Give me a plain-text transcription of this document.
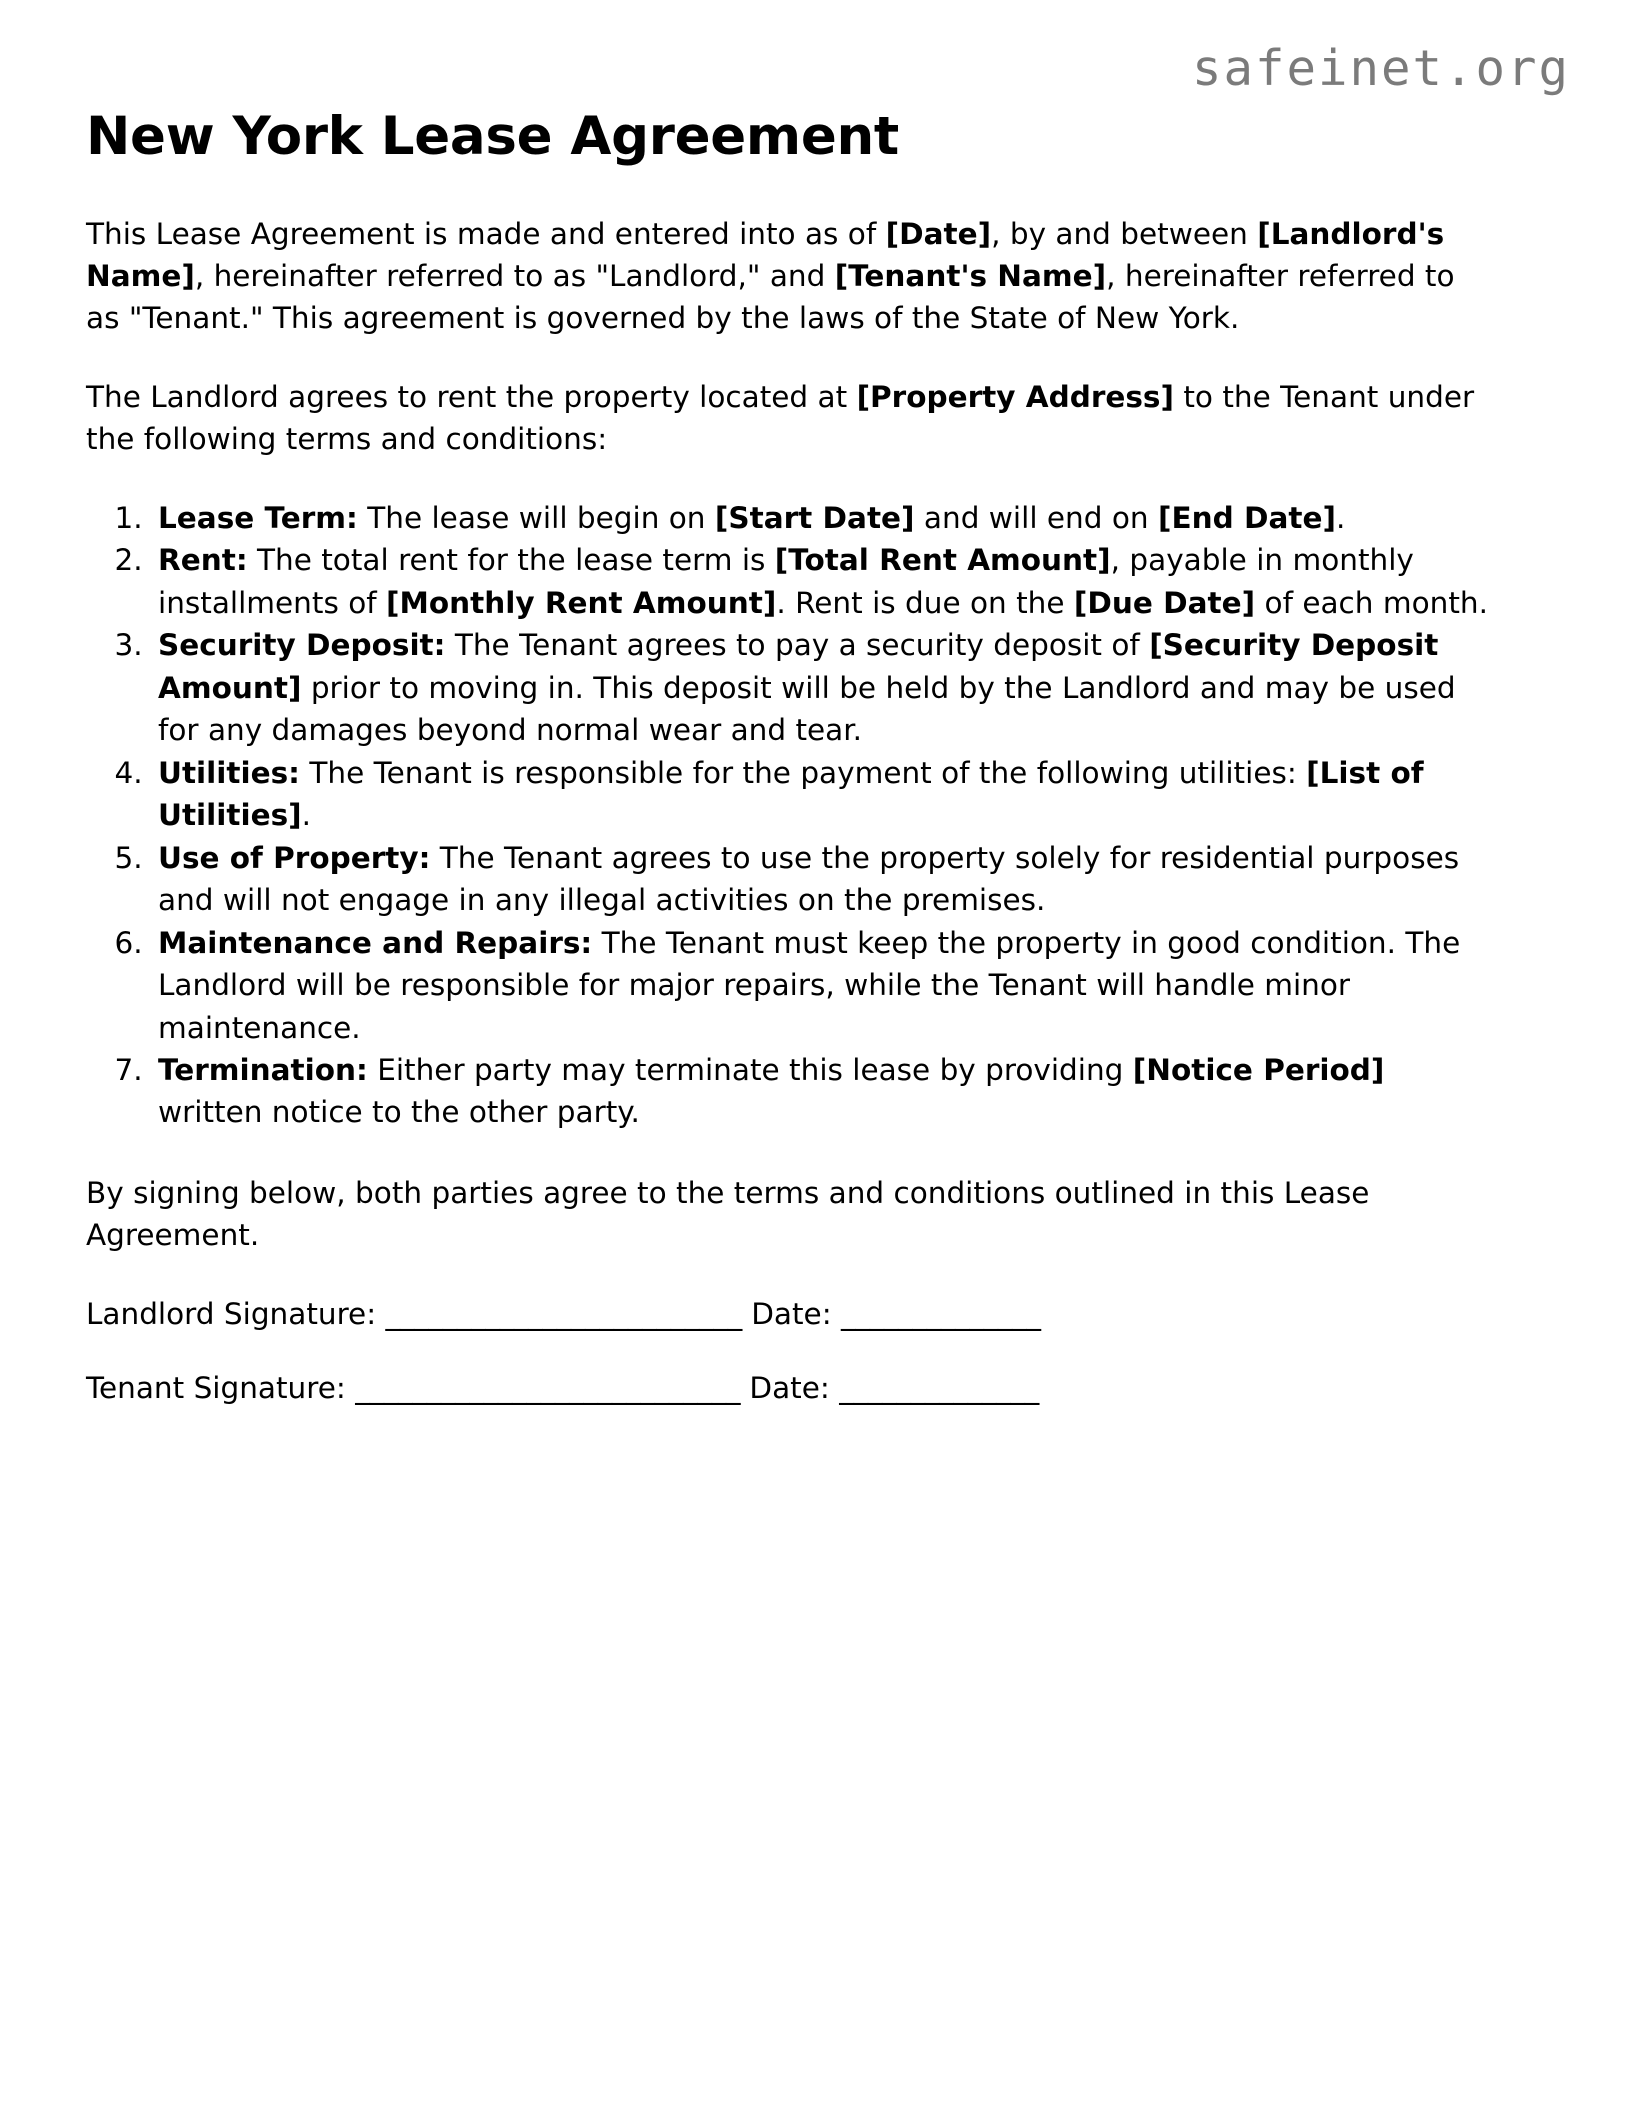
safeinet.org
New York Lease Agreement

This Lease Agreement is made and entered into as of [Date], by and between [Landlord's Name], hereinafter referred to as "Landlord," and [Tenant's Name], hereinafter referred to as "Tenant." This agreement is governed by the laws of the State of New York.

The Landlord agrees to rent the property located at [Property Address] to the Tenant under the following terms and conditions:

1. Lease Term: The lease will begin on [Start Date] and will end on [End Date].
2. Rent: The total rent for the lease term is [Total Rent Amount], payable in monthly installments of [Monthly Rent Amount]. Rent is due on the [Due Date] of each month.
3. Security Deposit: The Tenant agrees to pay a security deposit of [Security Deposit Amount] prior to moving in. This deposit will be held by the Landlord and may be used for any damages beyond normal wear and tear.
4. Utilities: The Tenant is responsible for the payment of the following utilities: [List of Utilities].
5. Use of Property: The Tenant agrees to use the property solely for residential purposes and will not engage in any illegal activities on the premises.
6. Maintenance and Repairs: The Tenant must keep the property in good condition. The Landlord will be responsible for major repairs, while the Tenant will handle minor maintenance.
7. Termination: Either party may terminate this lease by providing [Notice Period] written notice to the other party.

By signing below, both parties agree to the terms and conditions outlined in this Lease Agreement.

Landlord Signature: _________________________ Date: ______________
Tenant Signature: ___________________________ Date: ______________
